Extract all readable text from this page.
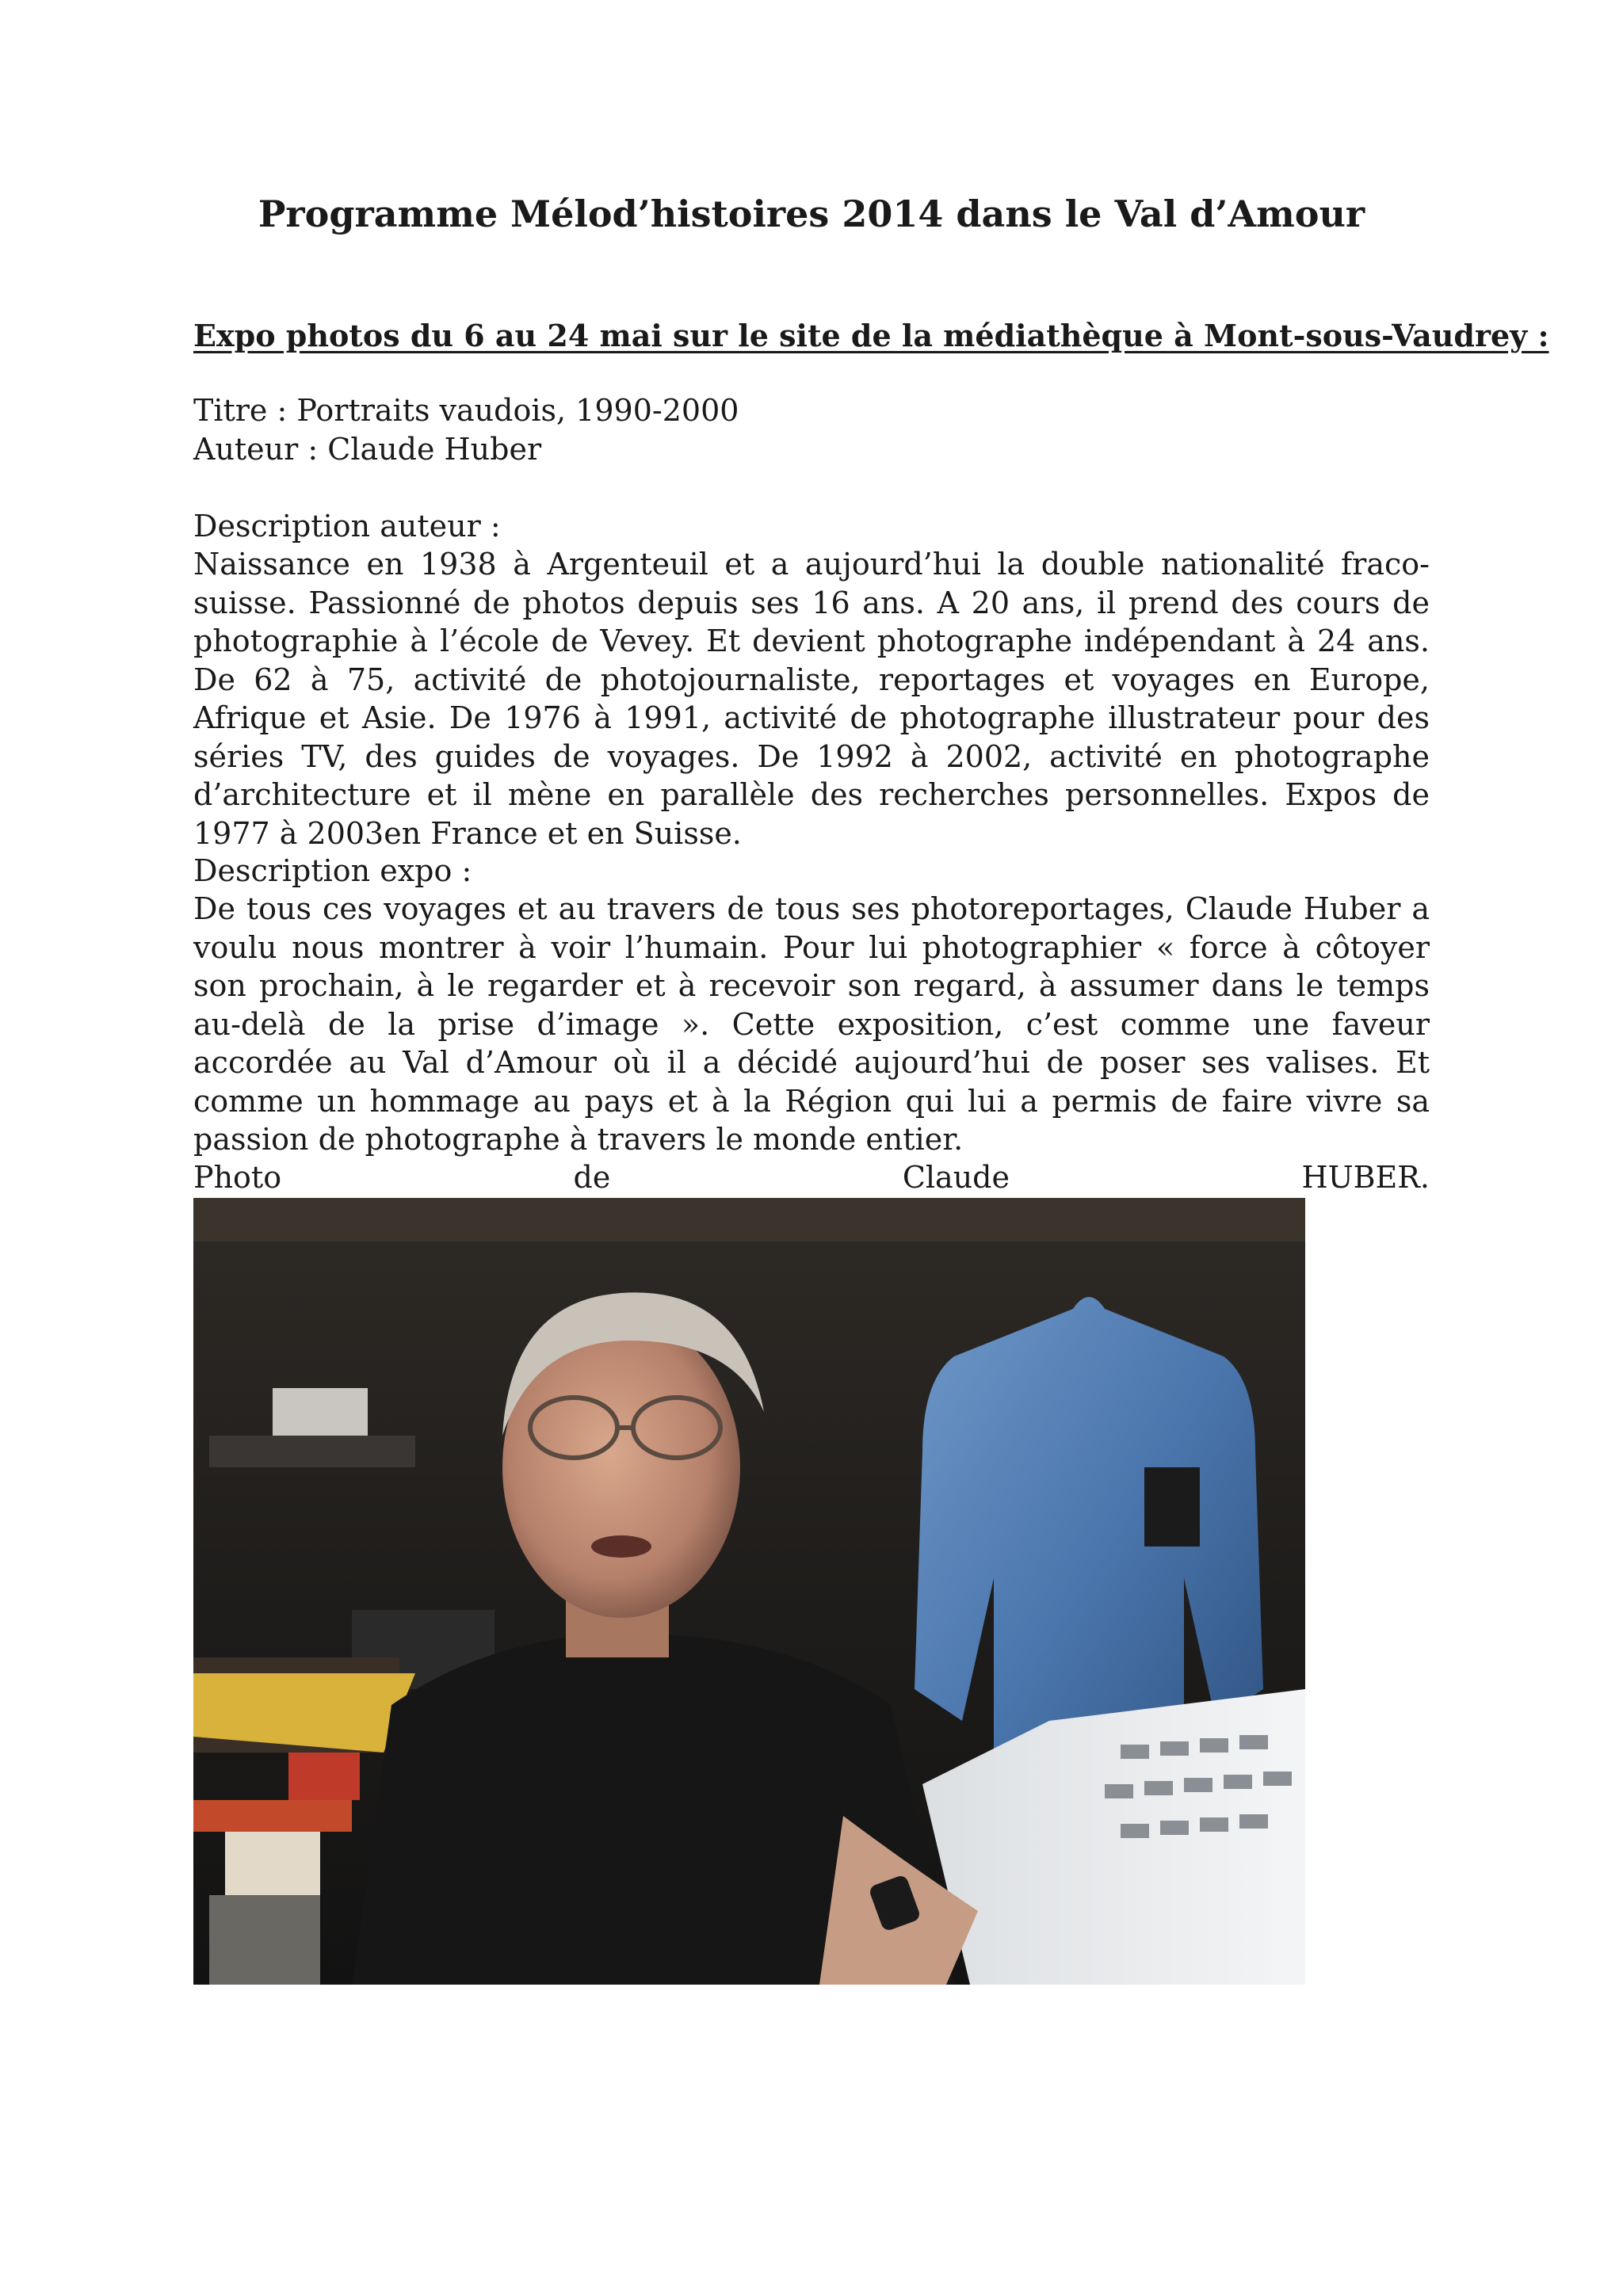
Programme Mélod’histoires 2014 dans le Val d’Amour
Expo photos du 6 au 24 mai sur le site de la médiathèque à Mont-sous-Vaudrey :
Titre : Portraits vaudois, 1990-2000
Auteur : Claude Huber
Description auteur :
Naissance en 1938 à Argenteuil et a aujourd’hui la double nationalité fraco-suisse. Passionné de photos depuis ses 16 ans. A 20 ans, il prend des cours de photographie à l’école de Vevey. Et devient photographe indépendant à 24 ans. De 62 à 75, activité de photojournaliste, reportages et voyages en Europe, Afrique et Asie. De 1976 à 1991, activité de photographe illustrateur pour des séries TV, des guides de voyages. De 1992 à 2002, activité en photographe d’architecture et il mène en parallèle des recherches personnelles. Expos de 1977 à 2003en France et en Suisse.
Description expo :
De tous ces voyages et au travers de tous ses photoreportages, Claude Huber a voulu nous montrer à voir l’humain. Pour lui photographier « force à côtoyer son prochain, à le regarder et à recevoir son regard, à assumer dans le temps au-delà de la prise d’image ». Cette exposition, c’est comme une faveur accordée au Val d’Amour où il a décidé aujourd’hui de poser ses valises. Et comme un hommage au pays et à la Région qui lui a permis de faire vivre sa passion de photographe à travers le monde entier.
Photo	de	Claude	HUBER.
